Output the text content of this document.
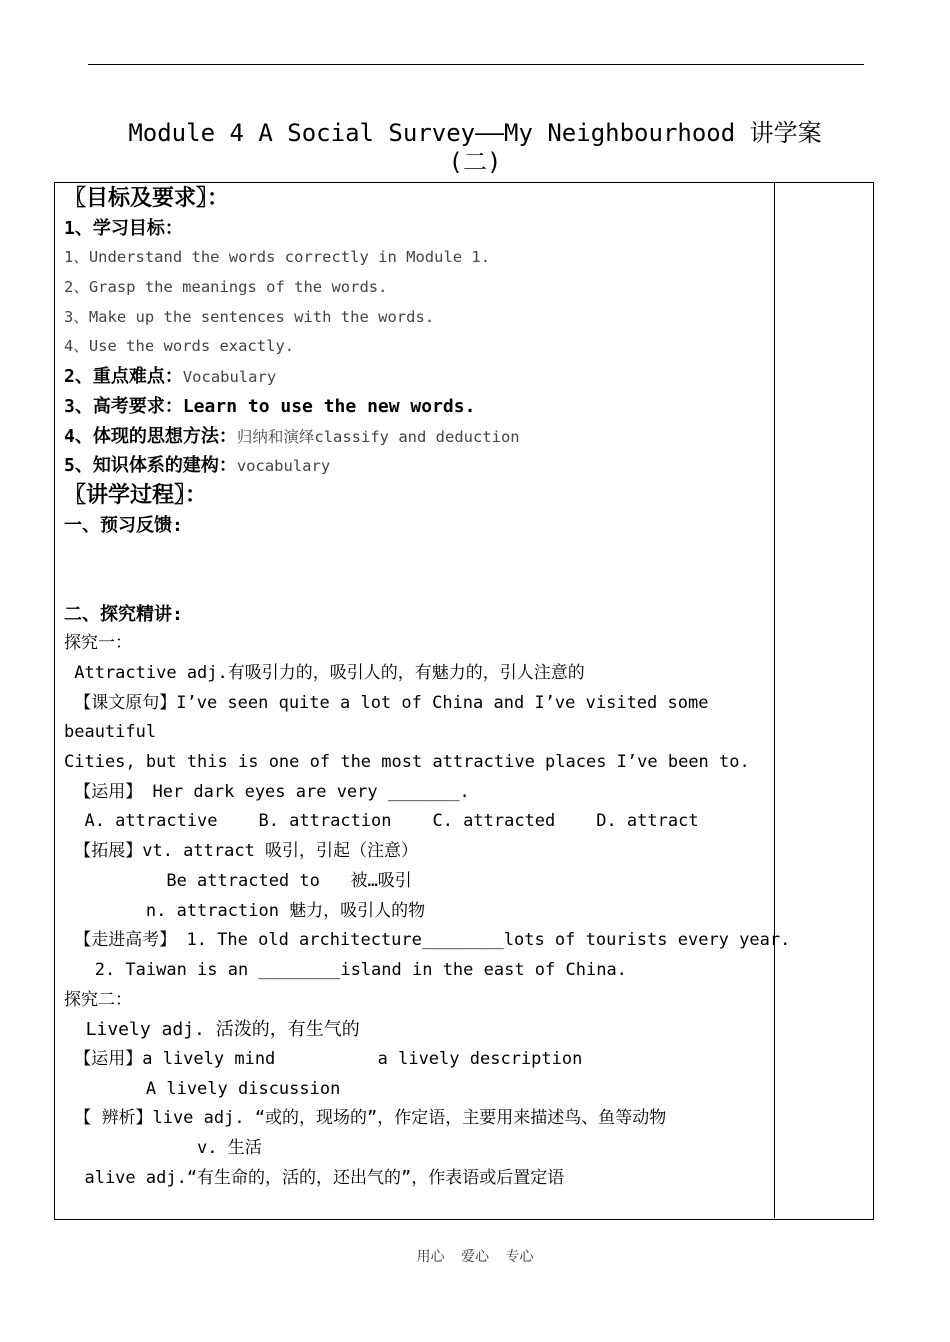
Module 4 A Social Survey——My Neighbourhood 讲学案
(二)
〖目标及要求〗：
1、学习目标：
1、Understand the words correctly in Module 1.
2、Grasp the meanings of the words.
3、Make up the sentences with the words.
4、Use the words exactly.
2、重点难点：Vocabulary
3、高考要求：Learn to use the new words.
4、体现的思想方法：归纳和演绎classify and deduction
5、知识体系的建构：vocabulary
〖讲学过程〗：
一、预习反馈:
二、探究精讲:
探究一：
Attractive adj.有吸引力的，吸引人的，有魅力的，引人注意的
【课文原句】I’ve seen quite a lot of China and I’ve visited some
beautiful
Cities, but this is one of the most attractive places I’ve been to.
【运用】 Her dark eyes are very _______.
A. attractive    B. attraction    C. attracted    D. attract
【拓展】vt. attract 吸引，引起（注意）
Be attracted to   被…吸引
n. attraction 魅力，吸引人的物
【走进高考】 1. The old architecture________lots of tourists every year.
2. Taiwan is an ________island in the east of China.
探究二：
Lively adj. 活泼的，有生气的
【运用】a lively mind          a lively description
A lively discussion
【 辨析】live adj. “或的，现场的”，作定语，主要用来描述鸟、鱼等动物
v. 生活
alive adj.“有生命的，活的，还出气的”，作表语或后置定语
用心 爱心 专心
